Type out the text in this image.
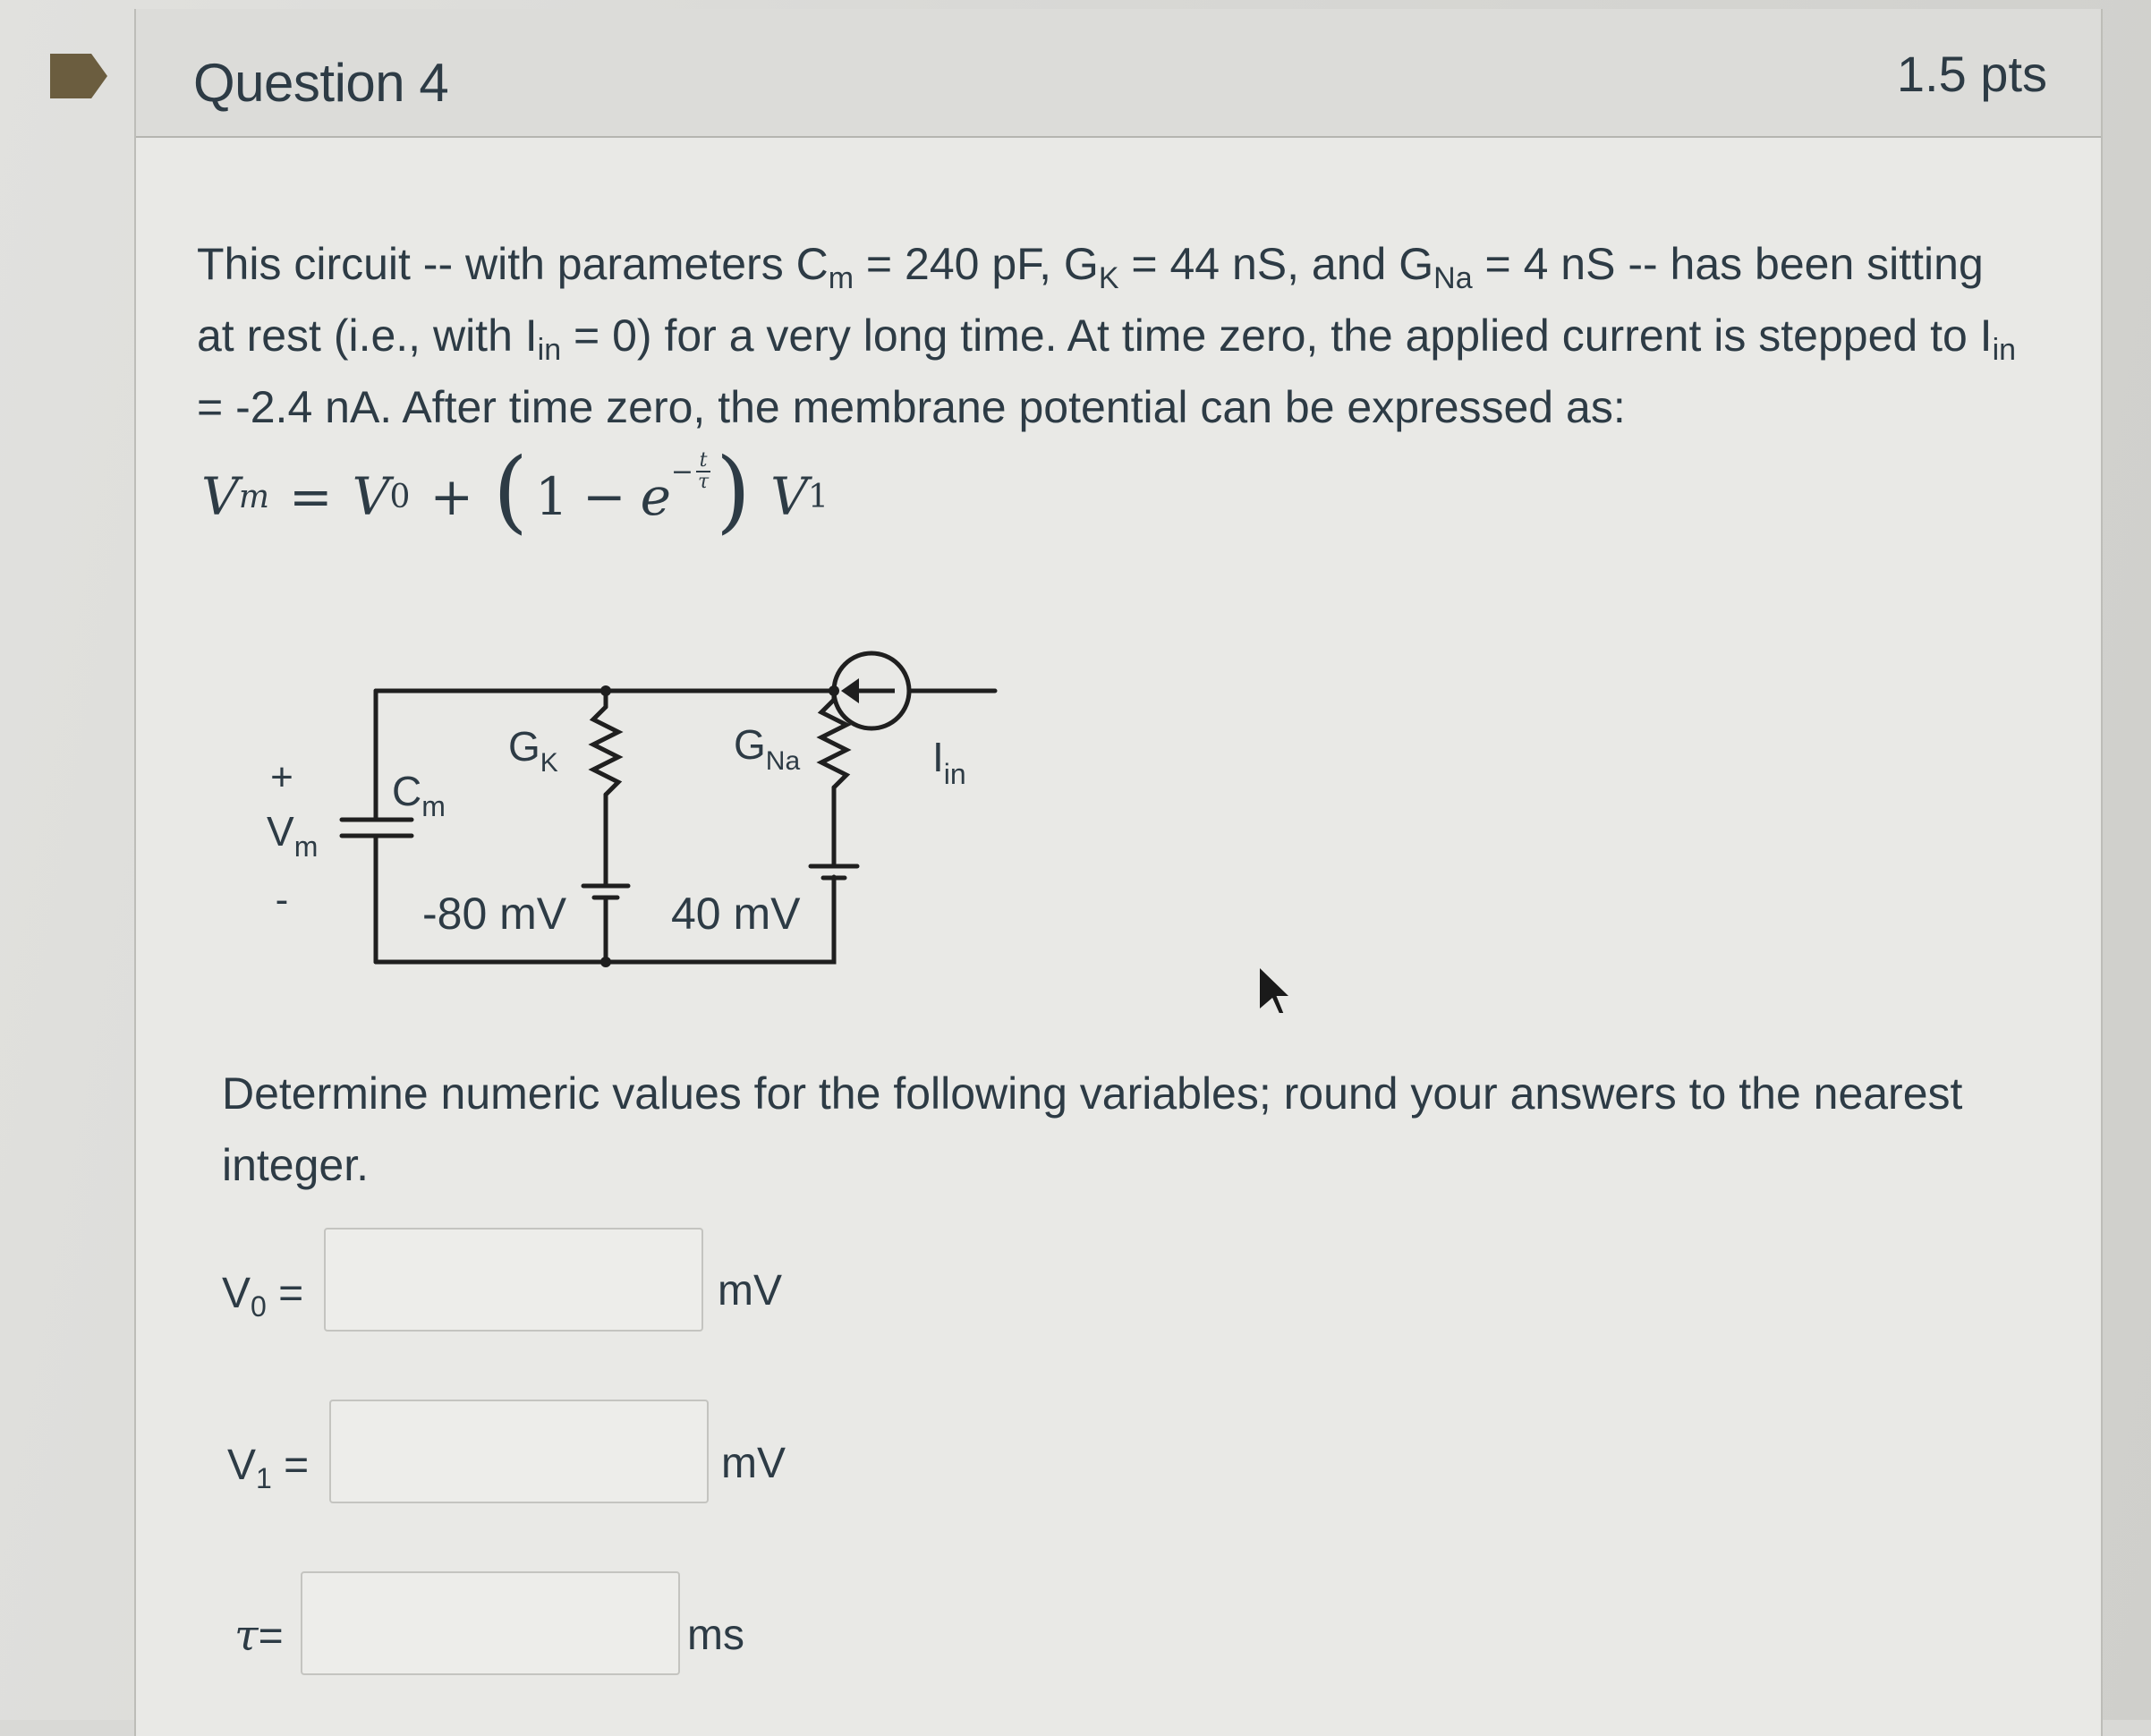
Question 4	1.5 pts
This circuit -- with parameters $C_m = 240$ pF, $G_K = 44$ nS, and $G_{Na} = 4$ nS -- has been sitting at rest (i.e., with $I_{in} = 0$) for a very long time. At time zero, the applied current is stepped to $I_{in} = -2.4$ nA. After time zero, the membrane potential can be expressed as:
V m = V 0 + ( $1 - e - \frac{t}{\tau}$ ) V 1
+
$V_m$
-
$C_m$
$G_K$	$G_{Na}$	$I_{in}$
-80 mV 40 mV
Determine numeric values for the following variables; round your answers to the nearest integer.
$V_0$ =	mV
$V_1$ =	mV
τ=	ms
